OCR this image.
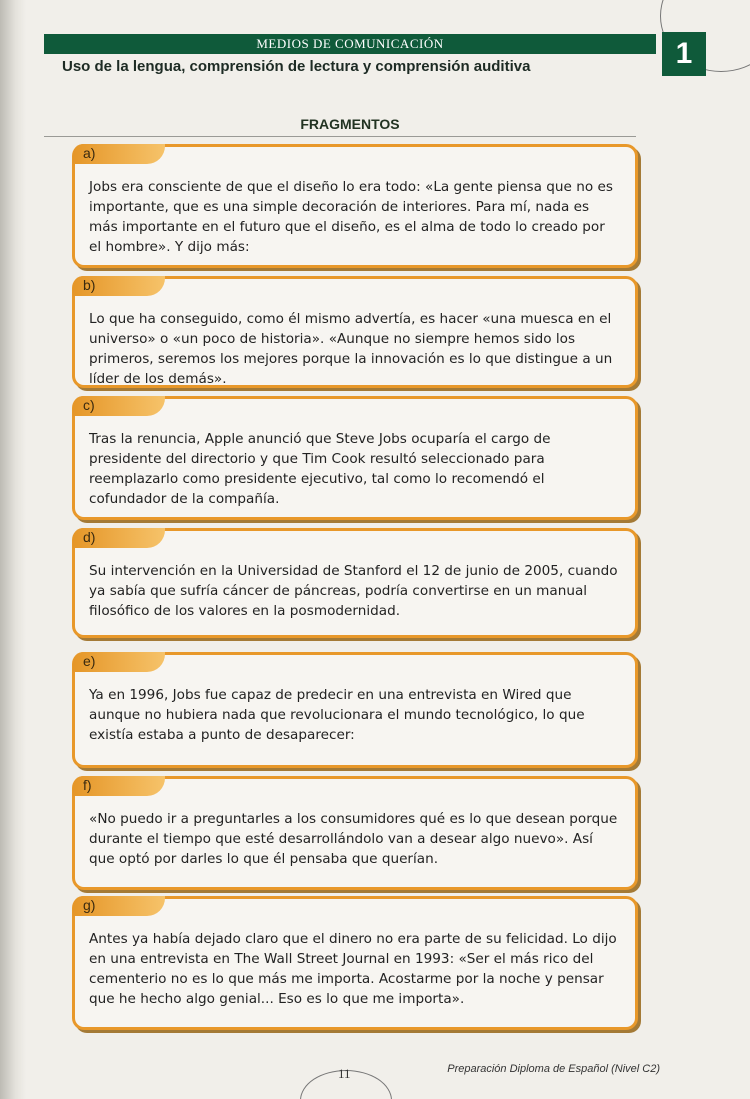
MEDIOS DE COMUNICACIÓN	1
Uso de la lengua, comprensión de lectura y comprensión auditiva
FRAGMENTOS
a)

Jobs era consciente de que el diseño lo era todo: «La gente piensa que no es importante, que es una simple decoración de interiores. Para mí, nada es más importante en el futuro que el diseño, es el alma de todo lo creado por el hombre». Y dijo más:

b)

Lo que ha conseguido, como él mismo advertía, es hacer «una muesca en el universo» o «un poco de historia». «Aunque no siempre hemos sido los primeros, seremos los mejores porque la innovación es lo que distingue a un líder de los demás».

c)

Tras la renuncia, Apple anunció que Steve Jobs ocuparía el cargo de presidente del directorio y que Tim Cook resultó seleccionado para reemplazarlo como presidente ejecutivo, tal como lo recomendó el cofundador de la compañía.

d)

Su intervención en la Universidad de Stanford el 12 de junio de 2005, cuando ya sabía que sufría cáncer de páncreas, podría convertirse en un manual filosófico de los valores en la posmodernidad.

e)

Ya en 1996, Jobs fue capaz de predecir en una entrevista en Wired que aunque no hubiera nada que revolucionara el mundo tecnológico, lo que existía estaba a punto de desaparecer:

f)

«No puedo ir a preguntarles a los consumidores qué es lo que desean porque durante el tiempo que esté desarrollándolo van a desear algo nuevo». Así que optó por darles lo que él pensaba que querían.

g)

Antes ya había dejado claro que el dinero no era parte de su felicidad. Lo dijo en una entrevista en The Wall Street Journal en 1993: «Ser el más rico del cementerio no es lo que más me importa. Acostarme por la noche y pensar que he hecho algo genial... Eso es lo que me importa».

11	Preparación Diploma de Español (Nivel C2)
